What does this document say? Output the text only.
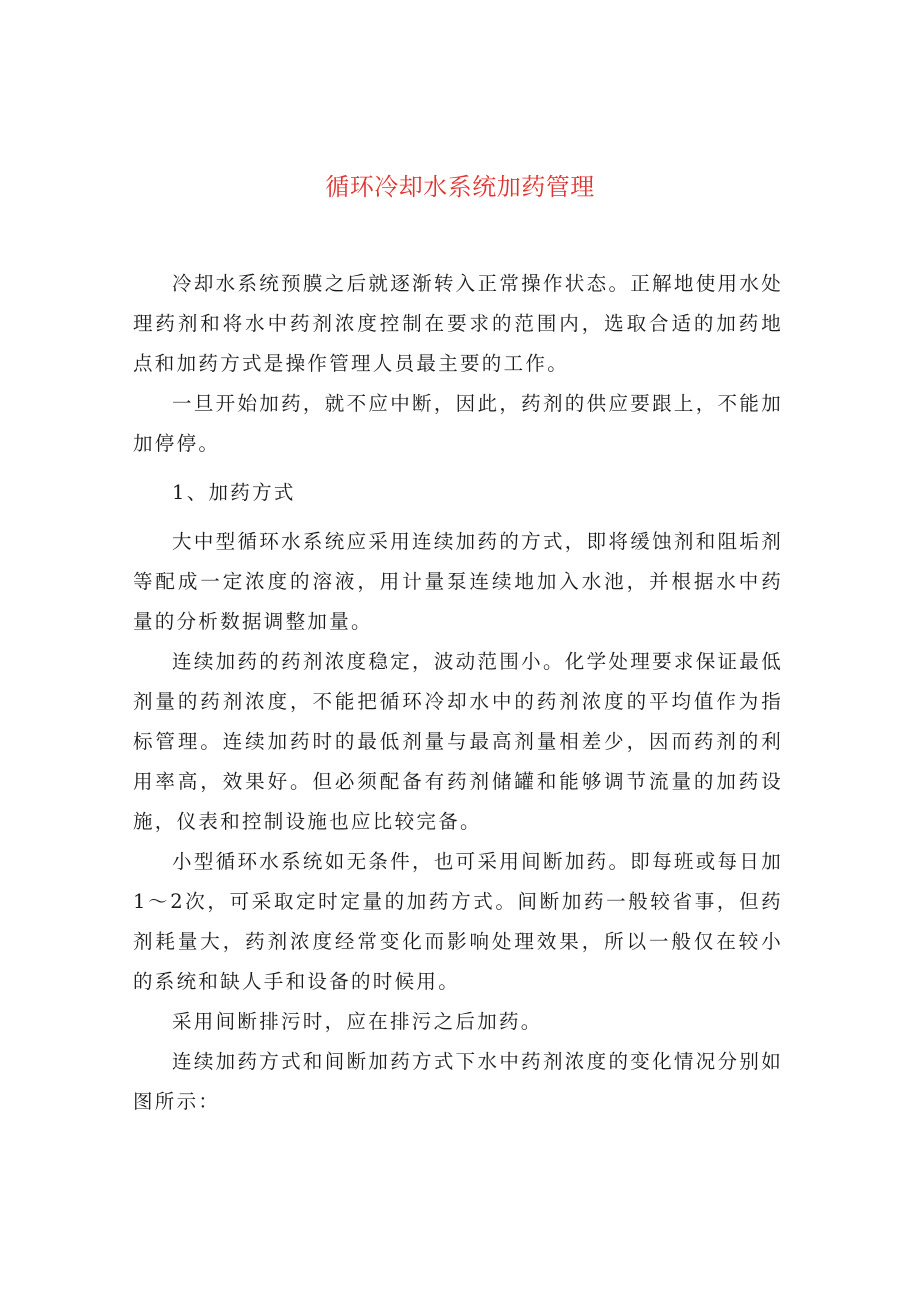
循环冷却水系统加药管理

冷却水系统预膜之后就逐渐转入正常操作状态。正解地使用水处理药剂和将水中药剂浓度控制在要求的范围内，选取合适的加药地点和加药方式是操作管理人员最主要的工作。

一旦开始加药，就不应中断，因此，药剂的供应要跟上，不能加加停停。

1、加药方式

大中型循环水系统应采用连续加药的方式，即将缓蚀剂和阻垢剂等配成一定浓度的溶液，用计量泵连续地加入水池，并根据水中药量的分析数据调整加量。

连续加药的药剂浓度稳定，波动范围小。化学处理要求保证最低剂量的药剂浓度，不能把循环冷却水中的药剂浓度的平均值作为指标管理。连续加药时的最低剂量与最高剂量相差少，因而药剂的利用率高，效果好。但必须配备有药剂储罐和能够调节流量的加药设施，仪表和控制设施也应比较完备。

小型循环水系统如无条件，也可采用间断加药。即每班或每日加1～2次，可采取定时定量的加药方式。间断加药一般较省事，但药剂耗量大，药剂浓度经常变化而影响处理效果，所以一般仅在较小的系统和缺人手和设备的时候用。

采用间断排污时，应在排污之后加药。

连续加药方式和间断加药方式下水中药剂浓度的变化情况分别如图所示：
